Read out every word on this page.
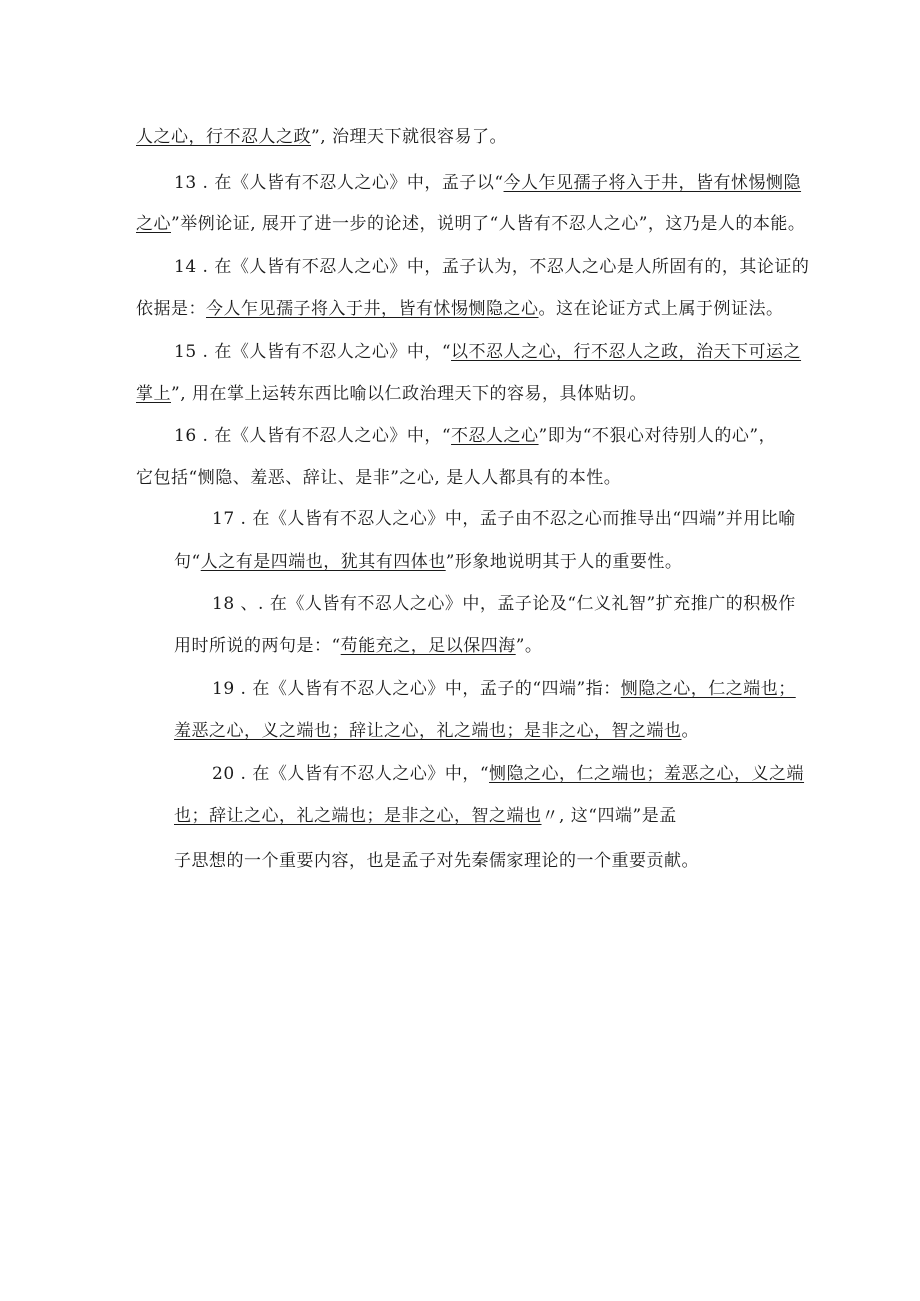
人之心，行不忍人之政”, 治理天下就很容易了。
13 . 在《人皆有不忍人之心》中，孟子以“今人乍见孺子将入于井，皆有怵惕恻隐
之心”举例论证, 展开了进一步的论述，说明了“人皆有不忍人之心”，这乃是人的本能。
14 . 在《人皆有不忍人之心》中，孟子认为，不忍人之心是人所固有的，其论证的
依据是：今人乍见孺子将入于井，皆有怵惕恻隐之心。这在论证方式上属于例证法。
15 . 在《人皆有不忍人之心》中，“以不忍人之心，行不忍人之政，治天下可运之
掌上”, 用在掌上运转东西比喻以仁政治理天下的容易，具体贴切。
16 . 在《人皆有不忍人之心》中，“不忍人之心”即为“不狠心对待别人的心”，
它包括“恻隐、羞恶、辞让、是非”之心, 是人人都具有的本性。
17 . 在《人皆有不忍人之心》中，孟子由不忍之心而推导出“四端”并用比喻
句“人之有是四端也，犹其有四体也”形象地说明其于人的重要性。
18 、. 在《人皆有不忍人之心》中，孟子论及“仁义礼智”扩充推广的积极作
用时所说的两句是：“苟能充之，足以保四海”。
19 . 在《人皆有不忍人之心》中，孟子的“四端”指：恻隐之心，仁之端也；
羞恶之心，义之端也；辞让之心，礼之端也；是非之心，智之端也。
20 . 在《人皆有不忍人之心》中，“恻隐之心，仁之端也；羞恶之心，义之端
也；辞让之心，礼之端也；是非之心，智之端也〃, 这“四端”是孟
子思想的一个重要内容，也是孟子对先秦儒家理论的一个重要贡献。
